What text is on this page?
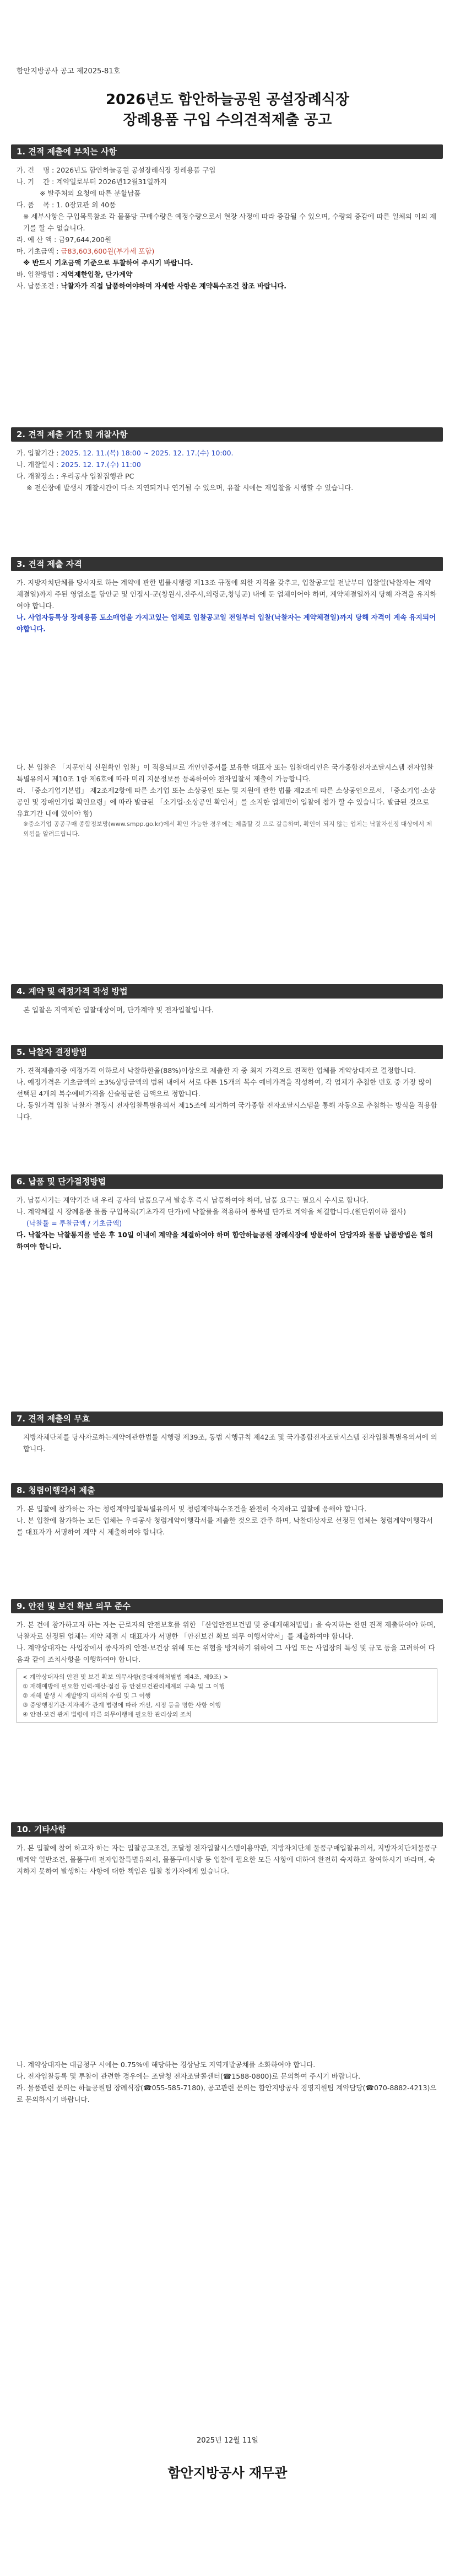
함안지방공사 공고 제2025-81호
2026년도 함안하늘공원 공설장례식장
장례용품 구입 수의견적제출 공고
1. 견적 제출에 부치는 사항
가. 건    명 : 2026년도 함안하늘공원 공설장례식장 장례용품 구입
나. 기    간 : 계약일로부터 2026년12월31일까지
※ 발주처의 요청에 따른 분할납품
다. 품    목 : 1. 0장묘관 외 40품
※ 세부사항은 구입목록참조 각 물품당 구매수량은 예정수량으로서 현장 사정에 따라 증감될 수 있으며, 수량의 증감에 따른 일체의 이의 제기를 할 수 없습니다.
라. 예 산 액 : 금97,644,200원
마. 기초금액 : 금83,603,600원(부가세 포함)
※ 반드시 기초금액 기준으로 투찰하여 주시기 바랍니다.
바. 입찰방법 : 지역제한입찰, 단가계약
사. 납품조건 : 낙찰자가 직접 납품하여야하며 자세한 사항은 계약특수조건 참조 바랍니다.
2. 견적 제출 기간 및 개찰사항
가. 입찰기간 : 2025. 12. 11.(목) 18:00 ~ 2025. 12. 17.(수) 10:00.
나. 개찰일시 : 2025. 12. 17.(수) 11:00
다. 개찰장소 : 우리공사 입찰집행관 PC
※ 전산장애 발생시 개찰시간이 다소 지연되거나 연기될 수 있으며, 유찰 시에는 재입찰을 시행할 수 있습니다.
3. 견적 제출 자격
가. 지방자치단체를 당사자로 하는 계약에 관한 법률시행령 제13조 규정에 의한 자격을 갖추고, 입찰공고일 전날부터 입찰일(낙찰자는 계약체결일)까지 주된 영업소를 함안군 및 인접시·군(창원시,진주시,의령군,창녕군) 내에 둔 업체이어야 하며, 계약체결일까지 당해 자격을 유지하여야 합니다.
나. 사업자등록상 장례용품 도소매업을 가지고있는 업체로 입찰공고일 전일부터 입찰(낙찰자는 계약체결일)까지 당해 자격이 계속 유지되어야합니다.
다. 본 입찰은 「지문인식 신원확인 입찰」이 적용되므로 개인인증서를 보유한 대표자 또는 입찰대리인은 국가종합전자조달시스템 전자입찰특별유의서 제10조 1항 제6호에 따라 미리 지문정보를 등록하여야 전자입찰서 제출이 가능합니다.
라. 「중소기업기본법」 제2조제2항에 따른 소기업 또는 소상공인 또는 및 지원에 관한 법률 제2조에 따른 소상공인으로서, 「중소기업·소상공인 및 장애인기업 확인요령」에 따라 발급된 「소기업·소상공인 확인서」를 소지한 업체만이 입찰에 참가 할 수 있습니다. 발급된 것으로 유효기간 내에 있어야 함)
※중소기업 공공구매 종합정보망(www.smpp.go.kr)에서 확인 가능한 경우에는 제출할 것 으로 갈음하며, 확인이 되지 않는 업체는 낙찰자선정 대상에서 제외됨을 알려드립니다.
4. 계약 및 예정가격 작성 방법
본 입찰은 지역제한 입찰대상이며, 단가계약 및 전자입찰입니다.
5. 낙찰자 결정방법
가. 견적제출자중 예정가격 이하로서 낙찰하한율(88%)이상으로 제출한 자 중 최저 가격으로 견적한 업체를 계약상대자로 결정합니다.
나. 예정가격은 기초금액의 ±3%상당금액의 범위 내에서 서로 다른 15개의 복수 예비가격을 작성하여, 각 업체가 추첨한 번호 중 가장 많이 선택된 4개의 복수예비가격을 산술평균한 금액으로 정합니다.
다. 동일가격 입찰 낙찰자 결정시 전자입찰특별유의서 제15조에 의거하여 국가종합 전자조달시스템을 통해 자동으로 추첨하는 방식을 적용합니다.
6. 납품 및 단가결정방법
가. 납품시기는 계약기간 내 우리 공사의 납품요구서 발송후 즉시 납품하여야 하며, 납품 요구는 필요시 수시로 합니다.
나. 계약체결 시 장례용품 물품 구입목록(기초가격 단가)에 낙찰률을 적용하여 품목별 단가로 계약을 체결합니다.(원단위이하 절사)
(낙찰률 = 투찰금액 / 기초금액)
다. 낙찰자는 낙찰통지를 받은 후 10일 이내에 계약을 체결하여야 하며 함안하늘공원 장례식장에 방문하여 담당자와 물품 납품방법은 협의하여야 합니다.
7. 견적 제출의 무효
지방자체단체를 당사자로하는계약에관한법률 시행령 제39조, 동법 시행규칙 제42조 및 국가종합전자조달시스템 전자입찰특별유의서에 의합니다.
8. 청렴이행각서 제출
가. 본 입찰에 참가하는 자는 청렴계약입찰특별유의서 및 청렴계약특수조건을 완전히 숙지하고 입찰에 응해야 합니다.
나. 본 입찰에 참가하는 모든 업체는 우리공사 청렴계약이행각서를 제출한 것으로 간주 하며, 낙찰대상자로 선정된 업체는 청렴계약이행각서를 대표자가 서명하여 계약 시 제출하여야 합니다.
9. 안전 및 보건 확보 의무 준수
가. 본 건에 참가하고자 하는 자는 근로자의 안전보호를 위한 「산업안전보건법 및 중대재해처벌법」을 숙지하는 한편 견적 제출하여야 하며, 낙찰자로 선정된 업체는 계약 체결 시 대표자가 서명한 「안전보건 확보 의무 이행서약서」를 제출하여야 합니다.
나. 계약상대자는 사업장에서 종사자의 안전·보건상 위해 또는 위험을 방지하기 위하여 그 사업 또는 사업장의 특성 및 규모 등을 고려하여 다음과 같이 조치사항을 이행하여야 합니다.
< 계약상대자의 안전 및 보건 확보 의무사항(중대재해처벌법 제4조, 제9조) >
① 재해예방에 필요한 인력·예산·점검 등 안전보건관리체계의 구축 및 그 이행
② 재해 발생 시 재발방지 대책의 수립 및 그 이행
③ 중앙행정기관·지자체가 관계 법령에 따라 개선, 시정 등을 명한 사항 이행
④ 안전·보건 관계 법령에 따른 의무이행에 필요한 관리상의 조치
10. 기타사항
가. 본 입찰에 참여 하고자 하는 자는 입찰공고조건, 조달청 전자입찰시스템이용약관, 지방자치단체 물품구매입찰유의서, 지방자치단체물품구매계약 일반조건, 물품구매 전자입찰특별유의서, 물품구매시방 등 입찰에 필요한 모든 사항에 대하여 완전히 숙지하고 참여하시기 바라며, 숙지하지 못하여 발생하는 사항에 대한 책임은 입찰 참가자에게 있습니다.
나. 계약상대자는 대금청구 시에는 0.75%에 해당하는 경상남도 지역개발공채를 소화하여야 합니다.
다. 전자입찰등록 및 투찰이 관련한 경우에는 조달청 전자조달콜센터(☎1588-0800)로 문의하여 주시기 바랍니다.
라. 물품관련 문의는 하늘공원팀 장례식장(☎055-585-7180), 공고관련 문의는 함안지방공사 경영지원팀 계약담당(☎070-8882-4213)으로 문의하시기 바랍니다.
2025년 12월 11일
함안지방공사 재무관
